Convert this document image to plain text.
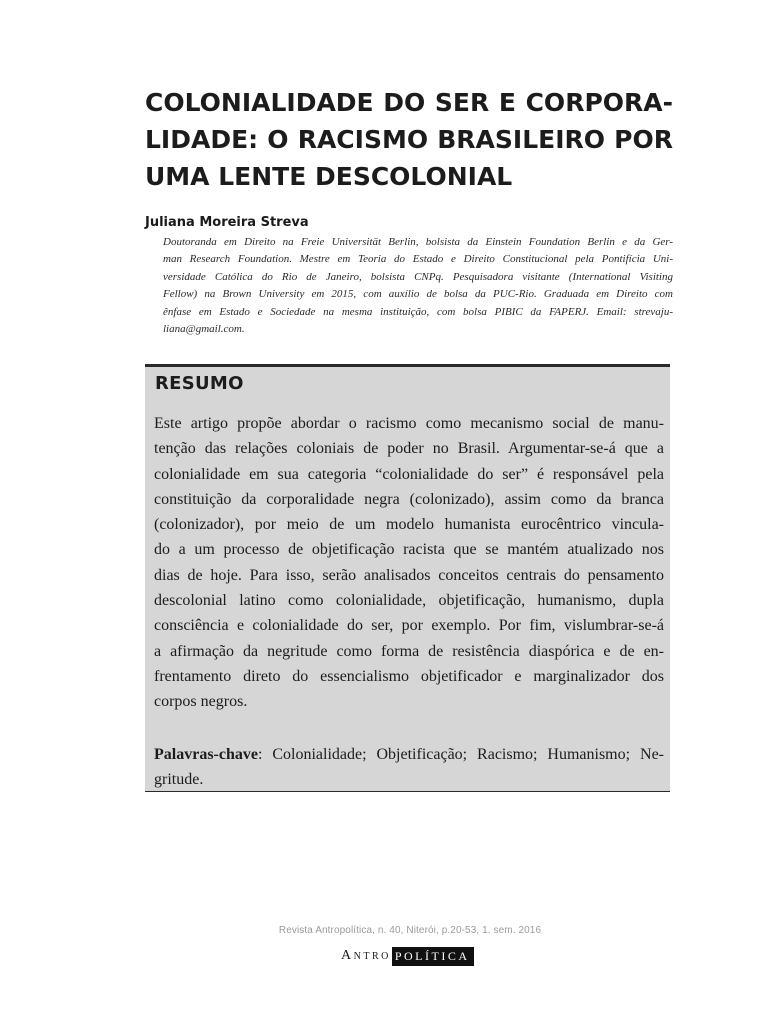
COLONIALIDADE DO SER E CORPORA-
LIDADE: O RACISMO BRASILEIRO POR
UMA LENTE DESCOLONIAL

Juliana Moreira Streva

Doutoranda em Direito na Freie Universität Berlin, bolsista da Einstein Foundation Berlin e da Ger-
man Research Foundation. Mestre em Teoria do Estado e Direito Constitucional pela Pontifícia Uni-
versidade Católica do Rio de Janeiro, bolsista CNPq. Pesquisadora visitante (International Visiting
Fellow) na Brown University em 2015, com auxílio de bolsa da PUC-Rio. Graduada em Direito com
ênfase em Estado e Sociedade na mesma instituição, com bolsa PIBIC da FAPERJ. Email: strevaju-
liana@gmail.com.

RESUMO

Este artigo propõe abordar o racismo como mecanismo social de manu-
tenção das relações coloniais de poder no Brasil. Argumentar-se-á que a
colonialidade em sua categoria “colonialidade do ser” é responsável pela
constituição da corporalidade negra (colonizado), assim como da branca
(colonizador), por meio de um modelo humanista eurocêntrico vincula-
do a um processo de objetificação racista que se mantém atualizado nos
dias de hoje. Para isso, serão analisados conceitos centrais do pensamento
descolonial latino como colonialidade, objetificação, humanismo, dupla
consciência e colonialidade do ser, por exemplo. Por fim, vislumbrar-se-á
a afirmação da negritude como forma de resistência diaspórica e de en-
frentamento direto do essencialismo objetificador e marginalizador dos
corpos negros.

Palavras-chave: Colonialidade; Objetificação; Racismo; Humanismo; Ne-
gritude.

Revista Antropolítica, n. 40, Niterói, p.20-53, 1. sem. 2016
Antro POLÍTICA
